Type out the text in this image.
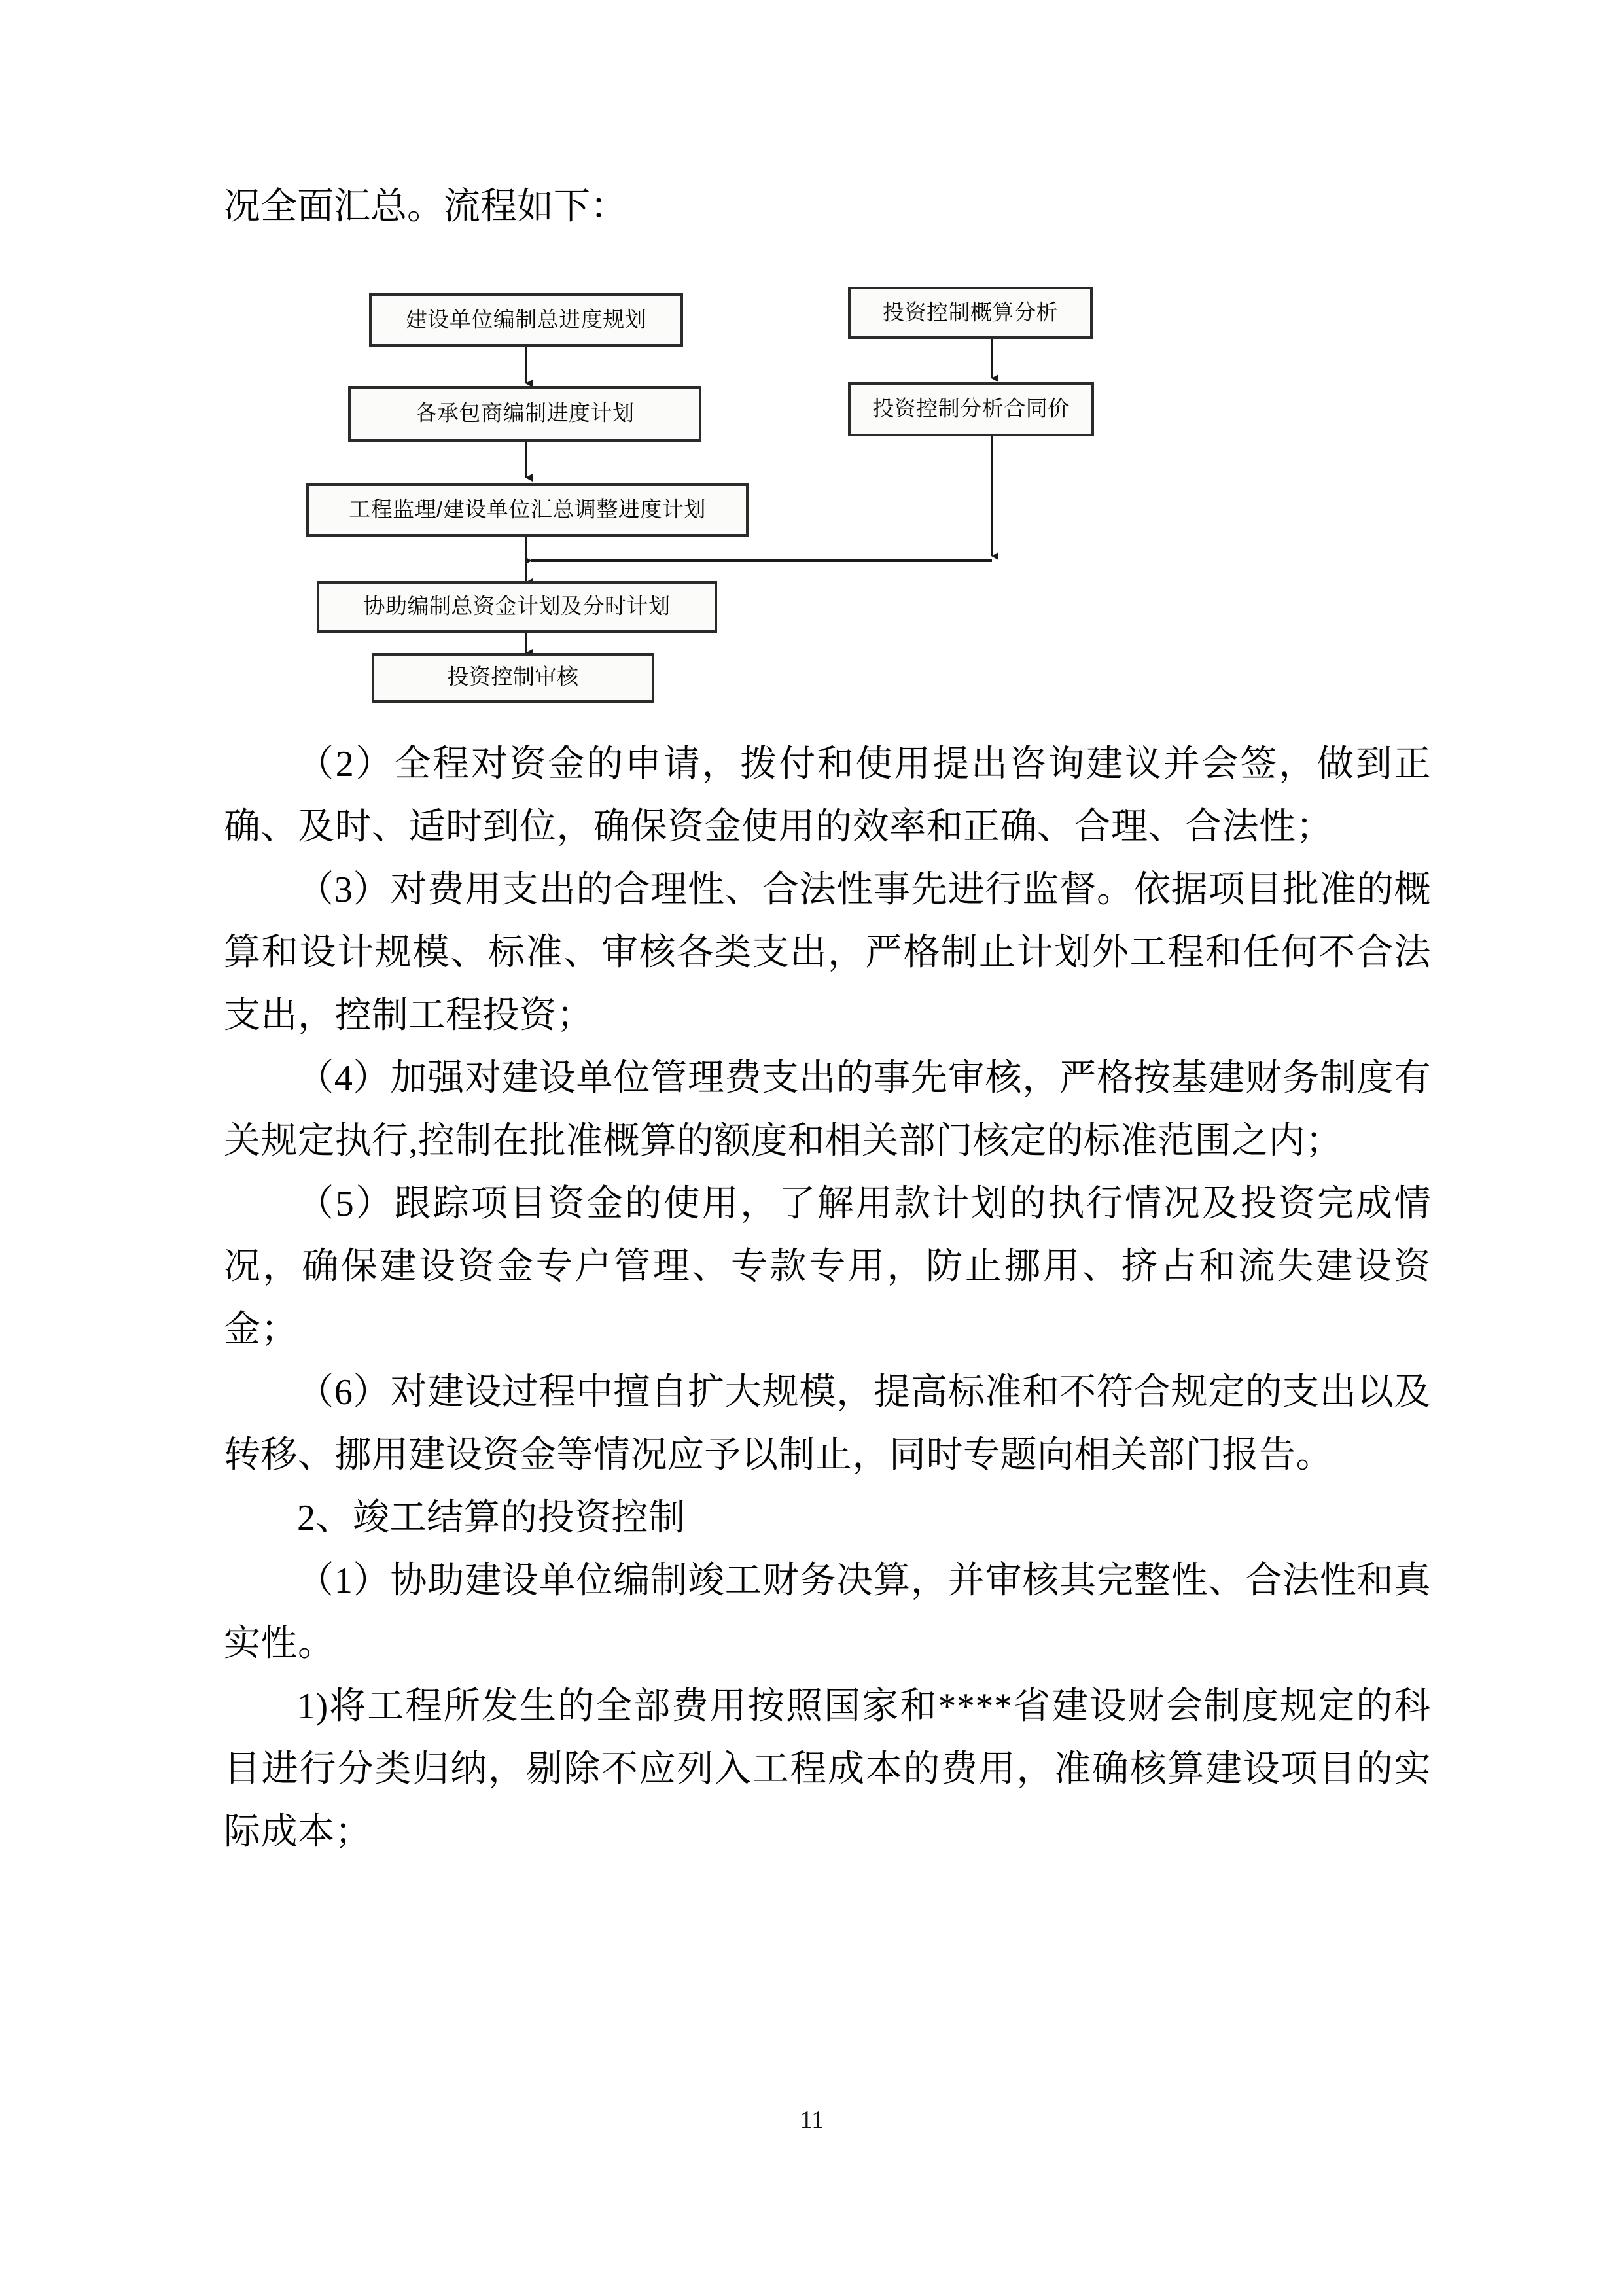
况全面汇总。流程如下：
建设单位编制总进度规划
各承包商编制进度计划
工程监理/建设单位汇总调整进度计划
协助编制总资金计划及分时计划
投资控制审核
投资控制概算分析
投资控制分析合同价

（2）全程对资金的申请，拨付和使用提出咨询建议并会签，做到正确、及时、适时到位，确保资金使用的效率和正确、合理、合法性；

（3）对费用支出的合理性、合法性事先进行监督。依据项目批准的概算和设计规模、标准、审核各类支出，严格制止计划外工程和任何不合法支出，控制工程投资；

（4）加强对建设单位管理费支出的事先审核，严格按基建财务制度有关规定执行,控制在批准概算的额度和相关部门核定的标准范围之内；

（5）跟踪项目资金的使用，了解用款计划的执行情况及投资完成情况，确保建设资金专户管理、专款专用，防止挪用、挤占和流失建设资金；

（6）对建设过程中擅自扩大规模，提高标准和不符合规定的支出以及转移、挪用建设资金等情况应予以制止，同时专题向相关部门报告。

2、竣工结算的投资控制

（1）协助建设单位编制竣工财务决算，并审核其完整性、合法性和真实性。

1)将工程所发生的全部费用按照国家和****省建设财会制度规定的科目进行分类归纳，剔除不应列入工程成本的费用，准确核算建设项目的实际成本；

11
